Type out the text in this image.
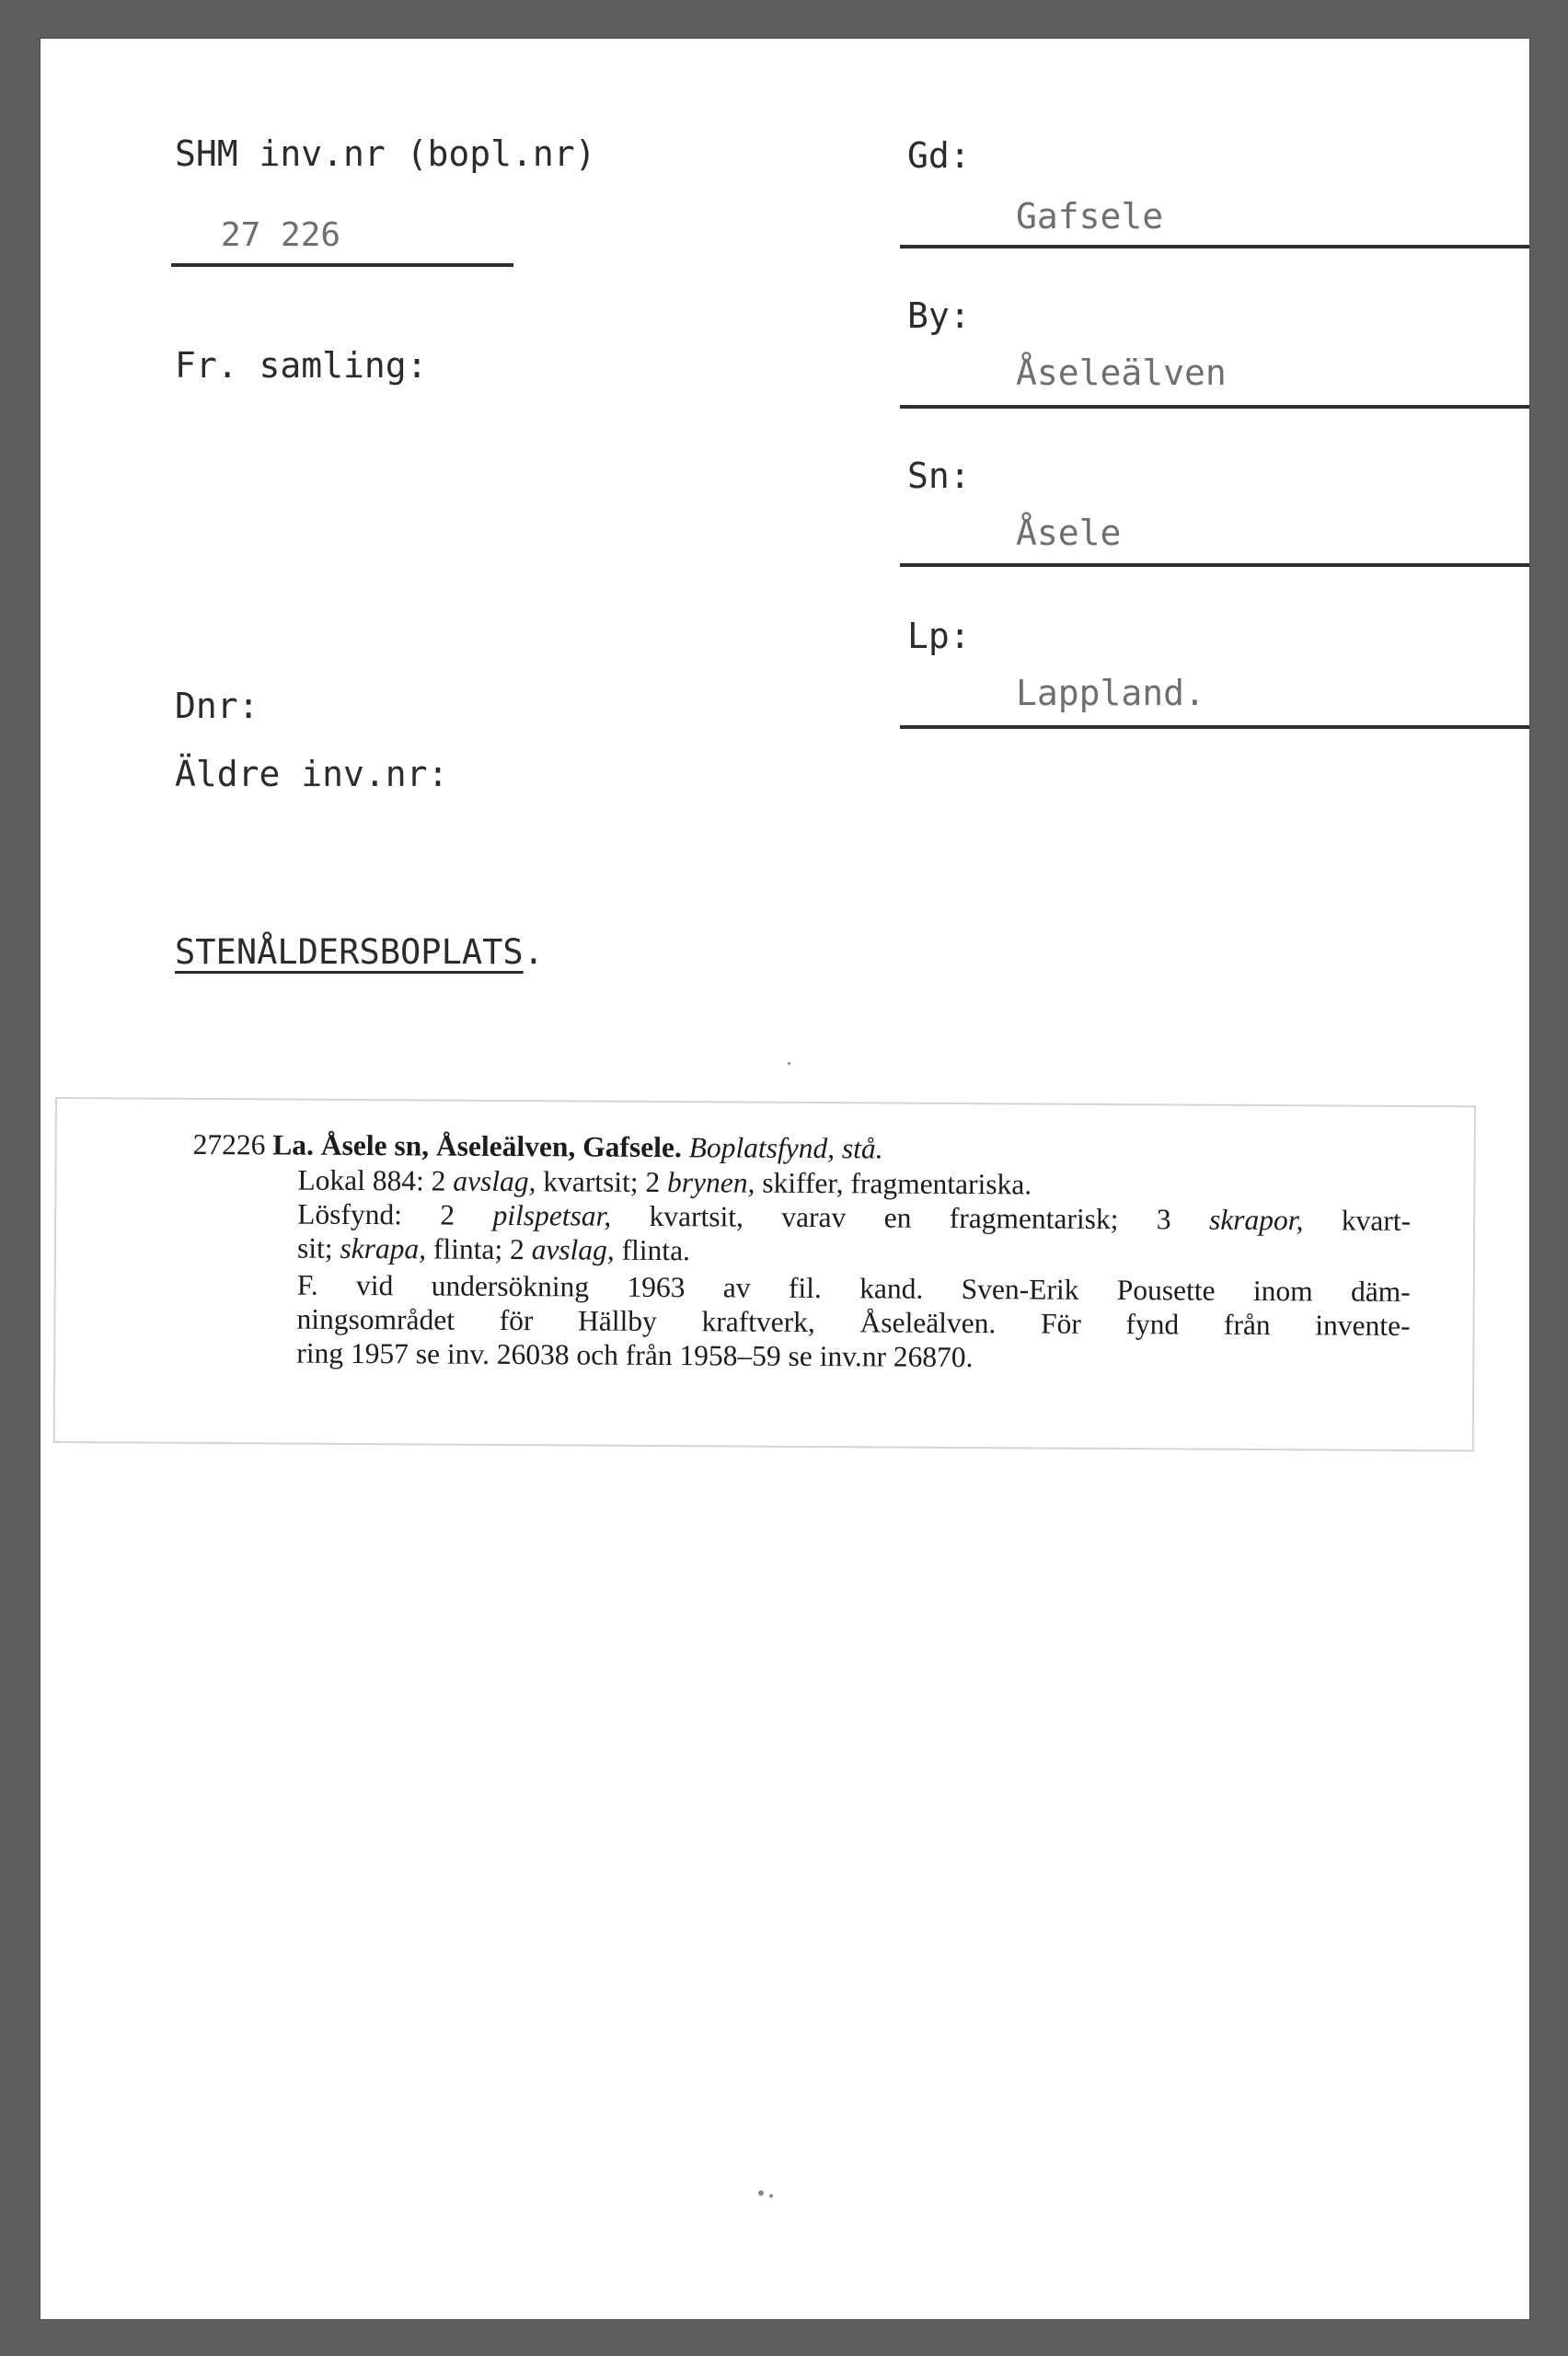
SHM inv.nr (bopl.nr)
27 226
Fr. samling:
Dnr:
Äldre inv.nr:
Gd:
Gafsele
By:
Åseleälven
Sn:
Åsele
Lp:
Lappland.
STENÅLDERSBOPLATS.
27226 La. Åsele sn, Åseleälven, Gafsele. Boplatsfynd, stå.
Lokal 884: 2 avslag, kvartsit; 2 brynen, skiffer, fragmentariska.
Lösfynd: 2 pilspetsar, kvartsit, varav en fragmentarisk; 3 skrapor, kvart-
sit; skrapa, flinta; 2 avslag, flinta.
F. vid undersökning 1963 av fil. kand. Sven-Erik Pousette inom däm-
ningsområdet för Hällby kraftverk, Åseleälven. För fynd från invente-
ring 1957 se inv. 26038 och från 1958–59 se inv.nr 26870.
